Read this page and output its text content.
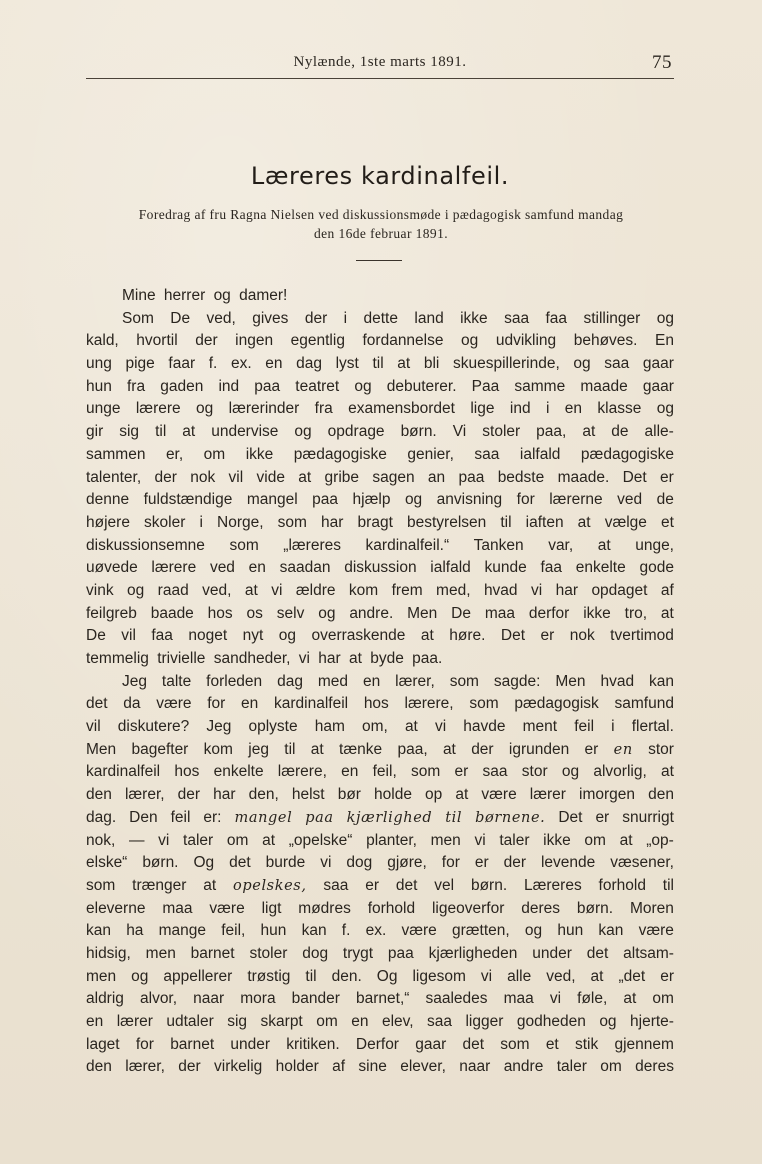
Nylænde, 1ste marts 1891.	75
Læreres kardinalfeil.
Foredrag af fru Ragna Nielsen ved diskussionsmøde i pædagogisk samfund mandag
den 16de februar 1891.
Mine herrer og damer!
Som De ved, gives der i dette land ikke saa faa stillinger og
kald, hvortil der ingen egentlig fordannelse og udvikling behøves. En
ung pige faar f. ex. en dag lyst til at bli skuespillerinde, og saa gaar
hun fra gaden ind paa teatret og debuterer. Paa samme maade gaar
unge lærere og lærerinder fra examensbordet lige ind i en klasse og
gir sig til at undervise og opdrage børn. Vi stoler paa, at de alle-
sammen er, om ikke pædagogiske genier, saa ialfald pædagogiske
talenter, der nok vil vide at gribe sagen an paa bedste maade. Det er
denne fuldstændige mangel paa hjælp og anvisning for lærerne ved de
højere skoler i Norge, som har bragt bestyrelsen til iaften at vælge et
diskussionsemne som „læreres kardinalfeil.“ Tanken var, at unge,
uøvede lærere ved en saadan diskussion ialfald kunde faa enkelte gode
vink og raad ved, at vi ældre kom frem med, hvad vi har opdaget af
feilgreb baade hos os selv og andre. Men De maa derfor ikke tro, at
De vil faa noget nyt og overraskende at høre. Det er nok tvertimod
temmelig trivielle sandheder, vi har at byde paa.
Jeg talte forleden dag med en lærer, som sagde: Men hvad kan
det da være for en kardinalfeil hos lærere, som pædagogisk samfund
vil diskutere? Jeg oplyste ham om, at vi havde ment feil i flertal.
Men bagefter kom jeg til at tænke paa, at der igrunden er en stor
kardinalfeil hos enkelte lærere, en feil, som er saa stor og alvorlig, at
den lærer, der har den, helst bør holde op at være lærer imorgen den
dag. Den feil er: mangel paa kjærlighed til børnene. Det er snurrigt
nok, — vi taler om at „opelske“ planter, men vi taler ikke om at „op-
elske“ børn. Og det burde vi dog gjøre, for er der levende væsener,
som trænger at opelskes, saa er det vel børn. Læreres forhold til
eleverne maa være ligt mødres forhold ligeoverfor deres børn. Moren
kan ha mange feil, hun kan f. ex. være grætten, og hun kan være
hidsig, men barnet stoler dog trygt paa kjærligheden under det altsam-
men og appellerer trøstig til den. Og ligesom vi alle ved, at „det er
aldrig alvor, naar mora bander barnet,“ saaledes maa vi føle, at om
en lærer udtaler sig skarpt om en elev, saa ligger godheden og hjerte-
laget for barnet under kritiken. Derfor gaar det som et stik gjennem
den lærer, der virkelig holder af sine elever, naar andre taler om deres
